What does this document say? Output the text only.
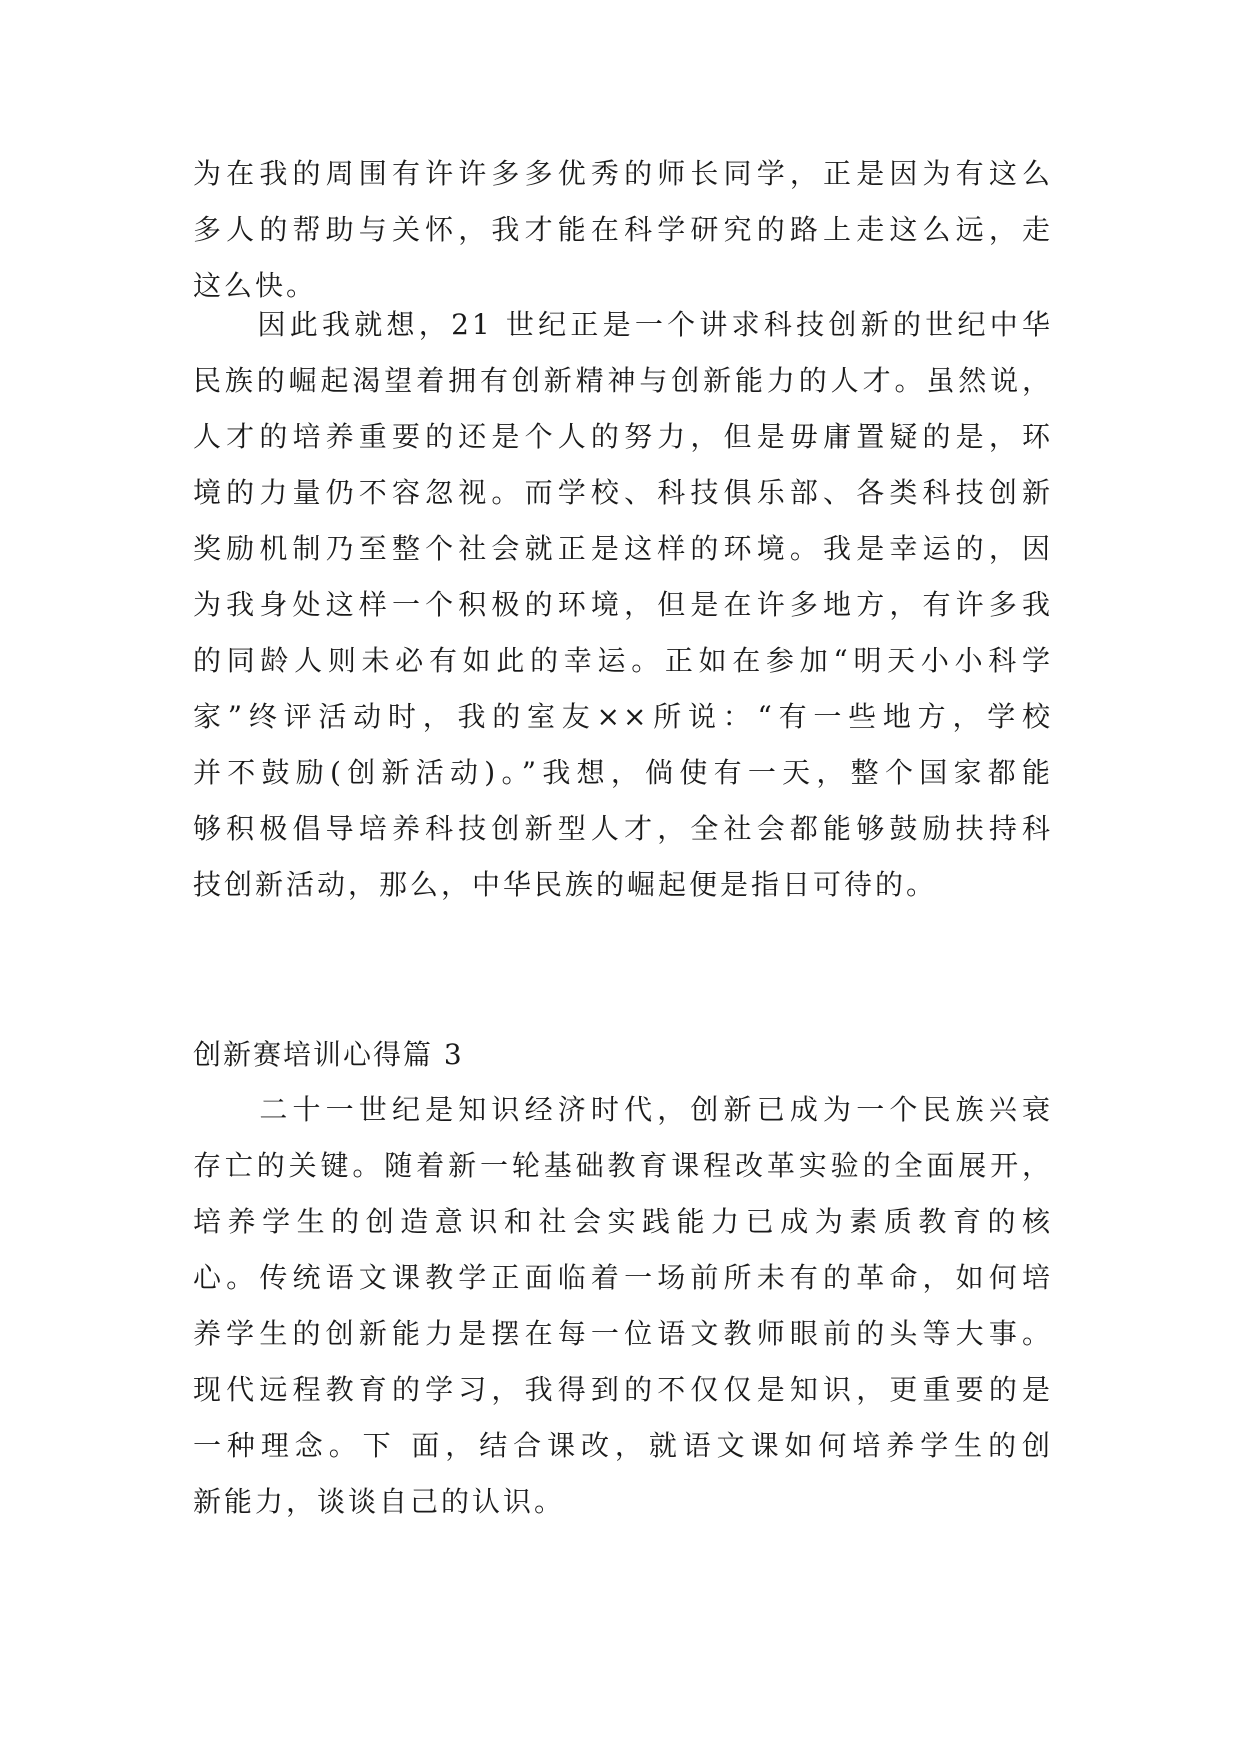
为在我的周围有许许多多优秀的师长同学，正是因为有这么
多人的帮助与关怀，我才能在科学研究的路上走这么远，走
这么快。
　　因此我就想，21 世纪正是一个讲求科技创新的世纪中华
民族的崛起渴望着拥有创新精神与创新能力的人才。虽然说，
人才的培养重要的还是个人的努力，但是毋庸置疑的是，环
境的力量仍不容忽视。而学校、科技俱乐部、各类科技创新
奖励机制乃至整个社会就正是这样的环境。我是幸运的，因
为我身处这样一个积极的环境，但是在许多地方，有许多我
的同龄人则未必有如此的幸运。正如在参加“明天小小科学
家”终评活动时，我的室友××所说：“有一些地方，学校
并不鼓励(创新活动)。”我想，倘使有一天，整个国家都能
够积极倡导培养科技创新型人才，全社会都能够鼓励扶持科
技创新活动，那么，中华民族的崛起便是指日可待的。
创新赛培训心得篇 3
　　二十一世纪是知识经济时代，创新已成为一个民族兴衰
存亡的关键。随着新一轮基础教育课程改革实验的全面展开，
培养学生的创造意识和社会实践能力已成为素质教育的核
心。传统语文课教学正面临着一场前所未有的革命，如何培
养学生的创新能力是摆在每一位语文教师眼前的头等大事。
现代远程教育的学习，我得到的不仅仅是知识，更重要的是
一种理念。下 面，结合课改，就语文课如何培养学生的创
新能力，谈谈自己的认识。
